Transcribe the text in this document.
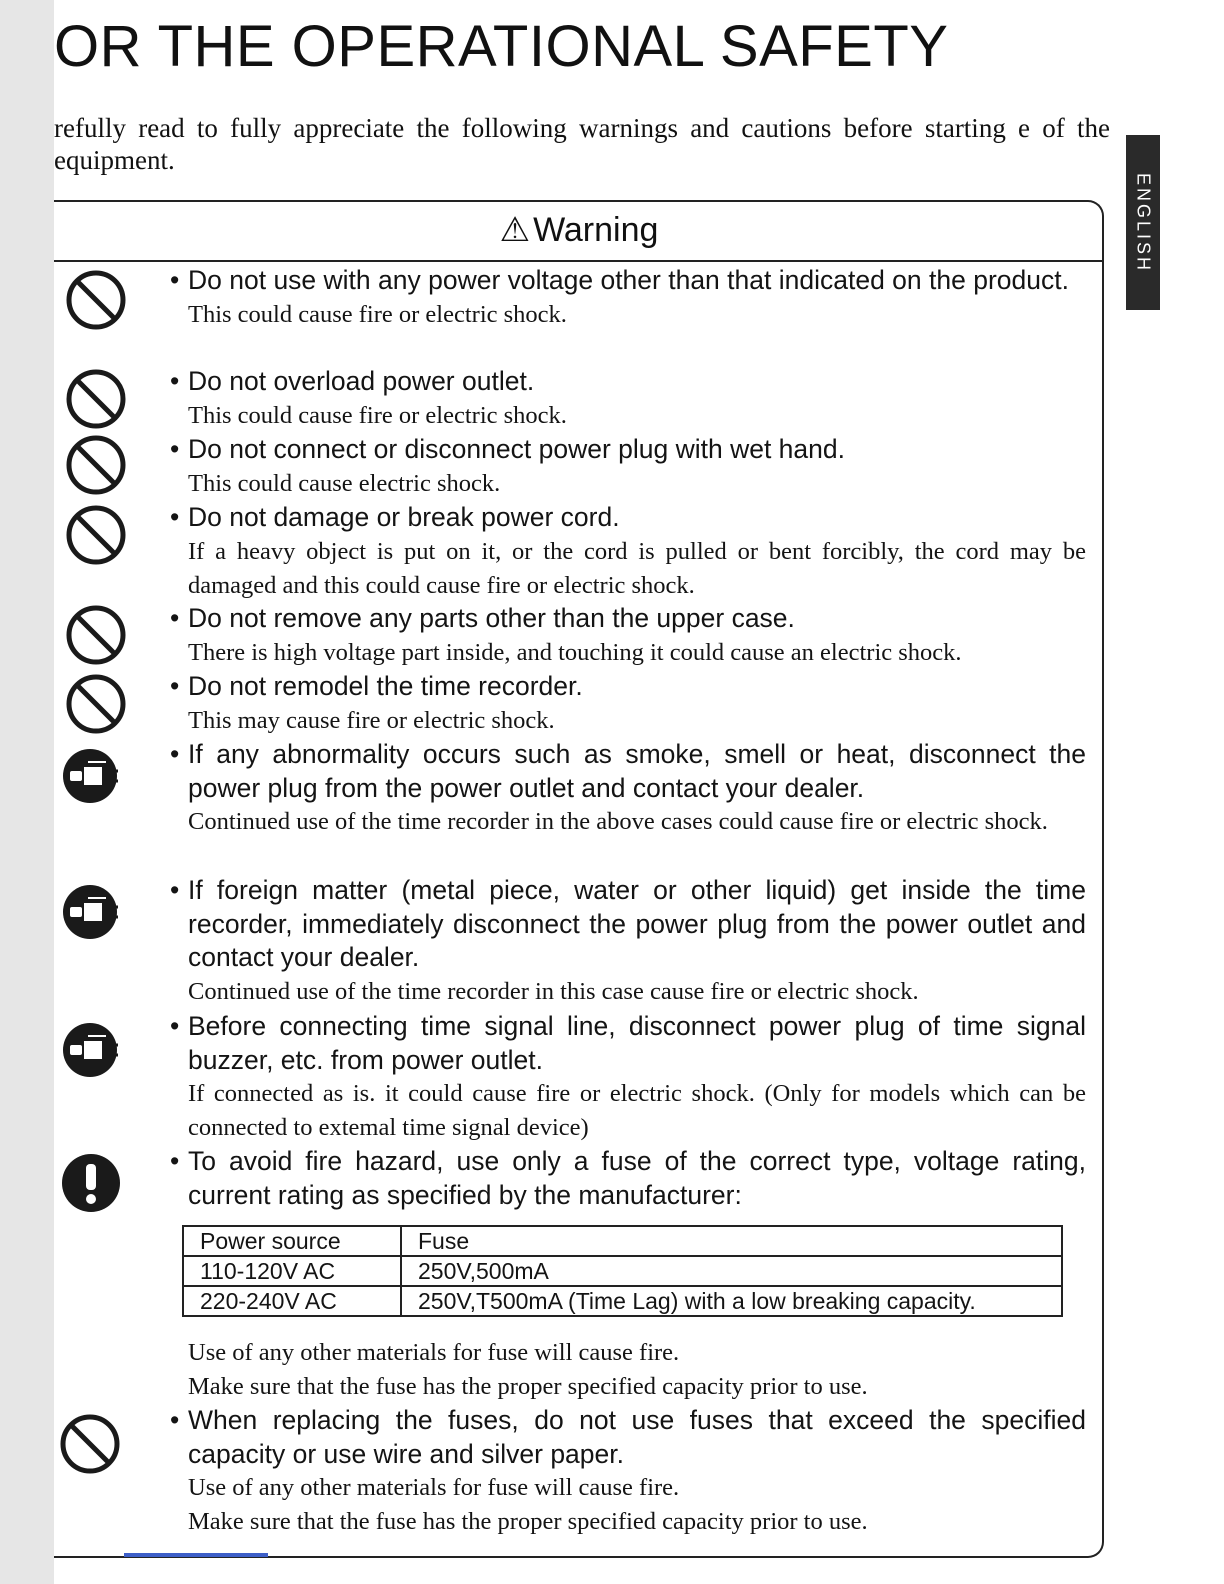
OR THE OPERATIONAL SAFETY

refully read to fully appreciate the following warnings and cautions before starting e of the equipment.

ENGLISH
⚠ Warning

• Do not use with any power voltage other than that indicated on the product.

This could cause fire or electric shock.

• Do not overload power outlet.

This could cause fire or electric shock.

• Do not connect or disconnect power plug with wet hand.

This could cause electric shock.

• Do not damage or break power cord.

If a heavy object is put on it, or the cord is pulled or bent forcibly, the cord may be damaged and this could cause fire or electric shock.

• Do not remove any parts other than the upper case.

There is high voltage part inside, and touching it could cause an electric shock.

• Do not remodel the time recorder.

This may cause fire or electric shock.

• If any abnormality occurs such as smoke, smell or heat, disconnect the power plug from the power outlet and contact your dealer.

Continued use of the time recorder in the above cases could cause fire or electric shock.

• If foreign matter (metal piece, water or other liquid) get inside the time recorder, immediately disconnect the power plug from the power outlet and contact your dealer.

Continued use of the time recorder in this case cause fire or electric shock.

• Before connecting time signal line, disconnect power plug of time signal buzzer, etc. from power outlet.

If connected as is. it could cause fire or electric shock. (Only for models which can be connected to extemal time signal device)

• To avoid fire hazard, use only a fuse of the correct type, voltage rating, current rating as specified by the manufacturer:

Power source	Fuse
110-120V AC	250V,500mA
220-240V AC	250V,T500mA (Time Lag) with a low breaking capacity.

Use of any other materials for fuse will cause fire.

Make sure that the fuse has the proper specified capacity prior to use.

• When replacing the fuses, do not use fuses that exceed the specified capacity or use wire and silver paper.

Use of any other materials for fuse will cause fire.
Make sure that the fuse has the proper specified capacity prior to use.
